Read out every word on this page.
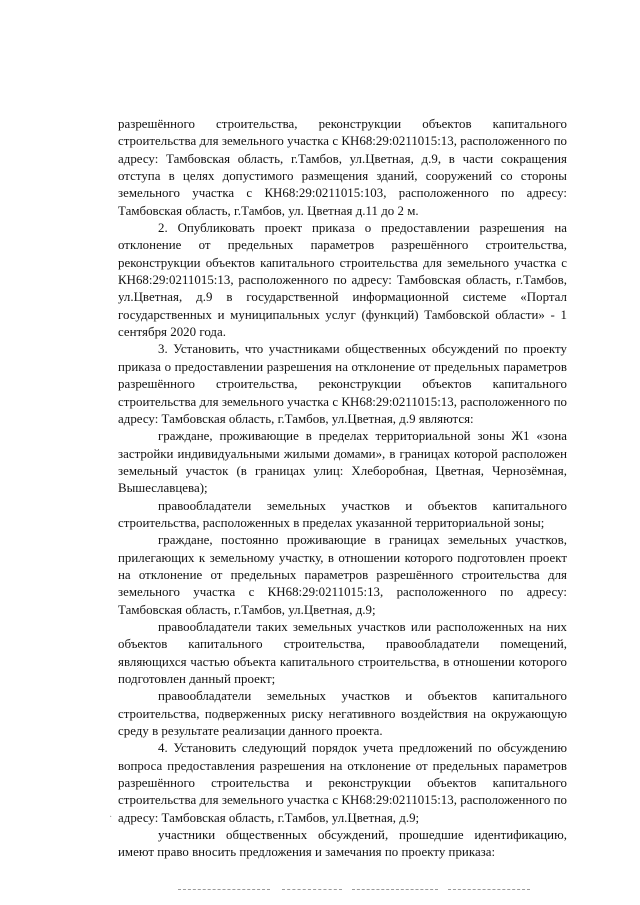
разрешённого строительства, реконструкции объектов капитального строительства для земельного участка с КН68:29:0211015:13, расположенного по адресу: Тамбовская область, г.Тамбов, ул.Цветная, д.9, в части сокращения отступа в целях допустимого размещения зданий, сооружений со стороны земельного участка с КН68:29:0211015:103, расположенного по адресу: Тамбовская область, г.Тамбов, ул. Цветная д.11 до 2 м.

2. Опубликовать проект приказа о предоставлении разрешения на отклонение от предельных параметров разрешённого строительства, реконструкции объектов капитального строительства для земельного участка с КН68:29:0211015:13, расположенного по адресу: Тамбовская область, г.Тамбов, ул.Цветная, д.9 в государственной информационной системе «Портал государственных и муниципальных услуг (функций) Тамбовской области» - 1 сентября 2020 года.

3. Установить, что участниками общественных обсуждений по проекту приказа о предоставлении разрешения на отклонение от предельных параметров разрешённого строительства, реконструкции объектов капитального строительства для земельного участка с КН68:29:0211015:13, расположенного по адресу: Тамбовская область, г.Тамбов, ул.Цветная, д.9 являются:

граждане, проживающие в пределах территориальной зоны Ж1 «зона застройки индивидуальными жилыми домами», в границах которой расположен земельный участок (в границах улиц: Хлеборобная, Цветная, Чернозёмная, Вышеславцева);

правообладатели земельных участков и объектов капитального строительства, расположенных в пределах указанной территориальной зоны;

граждане, постоянно проживающие в границах земельных участков, прилегающих к земельному участку, в отношении которого подготовлен проект на отклонение от предельных параметров разрешённого строительства для земельного участка с КН68:29:0211015:13, расположенного по адресу: Тамбовская область, г.Тамбов, ул.Цветная, д.9;

правообладатели таких земельных участков или расположенных на них объектов капитального строительства, правообладатели помещений, являющихся частью объекта капитального строительства, в отношении которого подготовлен данный проект;

правообладатели земельных участков и объектов капитального строительства, подверженных риску негативного воздействия на окружающую среду в результате реализации данного проекта.

4. Установить следующий порядок учета предложений по обсуждению вопроса предоставления разрешения на отклонение от предельных параметров разрешённого строительства и реконструкции объектов капитального строительства для земельного участка с КН68:29:0211015:13, расположенного по адресу: Тамбовская область, г.Тамбов, ул.Цветная, д.9;

участники общественных обсуждений, прошедшие идентификацию, имеют право вносить предложения и замечания по проекту приказа:

·
